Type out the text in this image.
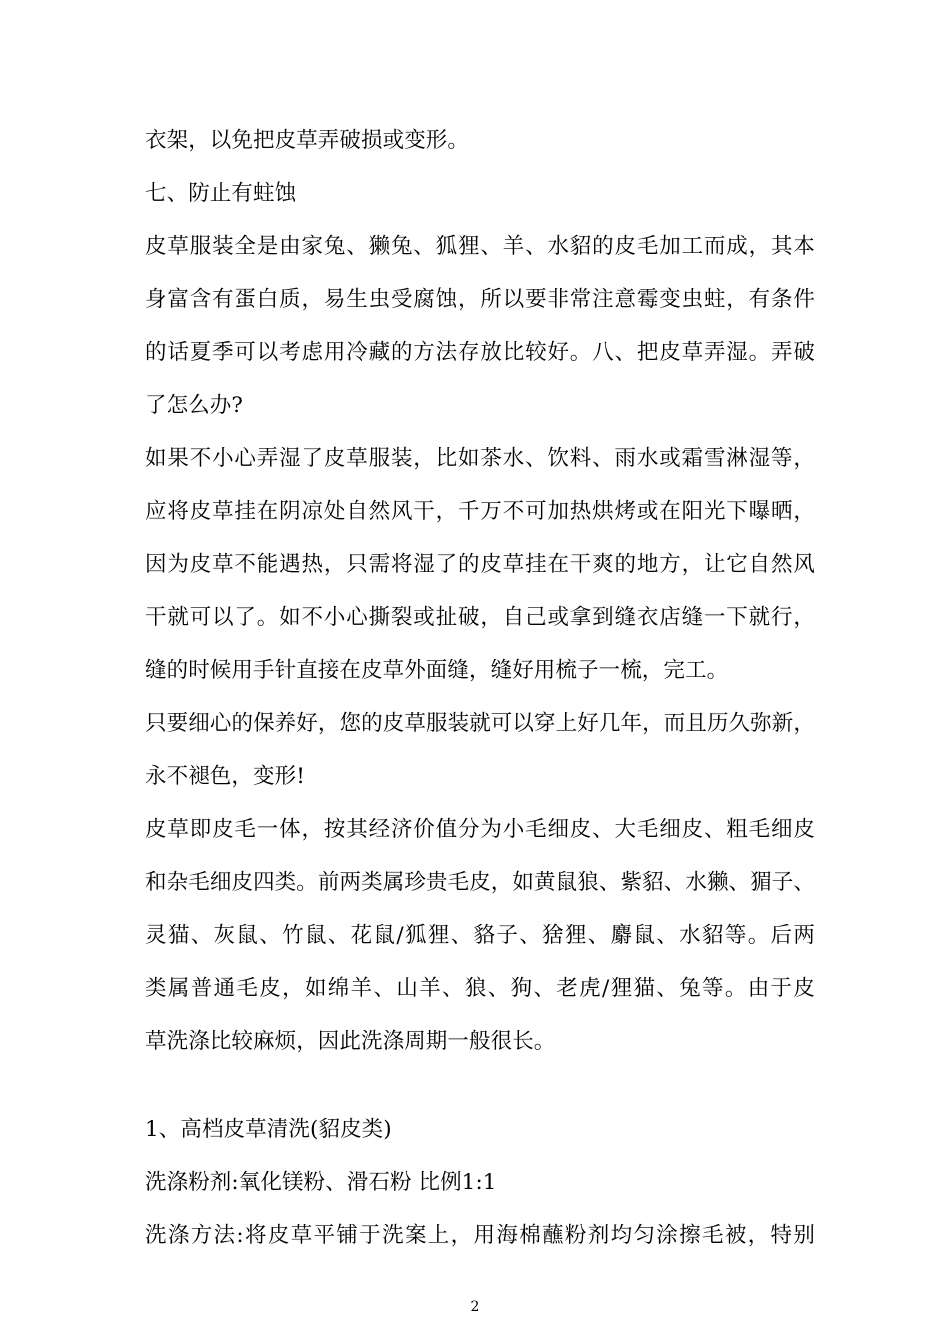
衣架，以免把皮草弄破损或变形。
七、防止有蛀蚀
皮草服装全是由家兔、獭兔、狐狸、羊、水貂的皮毛加工而成，其本
身富含有蛋白质，易生虫受腐蚀，所以要非常注意霉变虫蛀，有条件
的话夏季可以考虑用冷藏的方法存放比较好。八、把皮草弄湿。弄破
了怎么办?
如果不小心弄湿了皮草服装，比如茶水、饮料、雨水或霜雪淋湿等，
应将皮草挂在阴凉处自然风干，千万不可加热烘烤或在阳光下曝晒，
因为皮草不能遇热，只需将湿了的皮草挂在干爽的地方，让它自然风
干就可以了。如不小心撕裂或扯破，自己或拿到缝衣店缝一下就行，
缝的时候用手针直接在皮草外面缝，缝好用梳子一梳，完工。
只要细心的保养好，您的皮草服装就可以穿上好几年，而且历久弥新，
永不褪色，变形!
皮草即皮毛一体，按其经济价值分为小毛细皮、大毛细皮、粗毛细皮
和杂毛细皮四类。前两类属珍贵毛皮，如黄鼠狼、紫貂、水獭、猸子、
灵猫、灰鼠、竹鼠、花鼠/狐狸、貉子、猞狸、麝鼠、水貂等。后两
类属普通毛皮，如绵羊、山羊、狼、狗、老虎/狸猫、兔等。由于皮
草洗涤比较麻烦，因此洗涤周期一般很长。
1、高档皮草清洗(貂皮类)
洗涤粉剂:氧化镁粉、滑石粉 比例1:1
洗涤方法:将皮草平铺于洗案上，用海棉蘸粉剂均匀涂擦毛被，特别
2
